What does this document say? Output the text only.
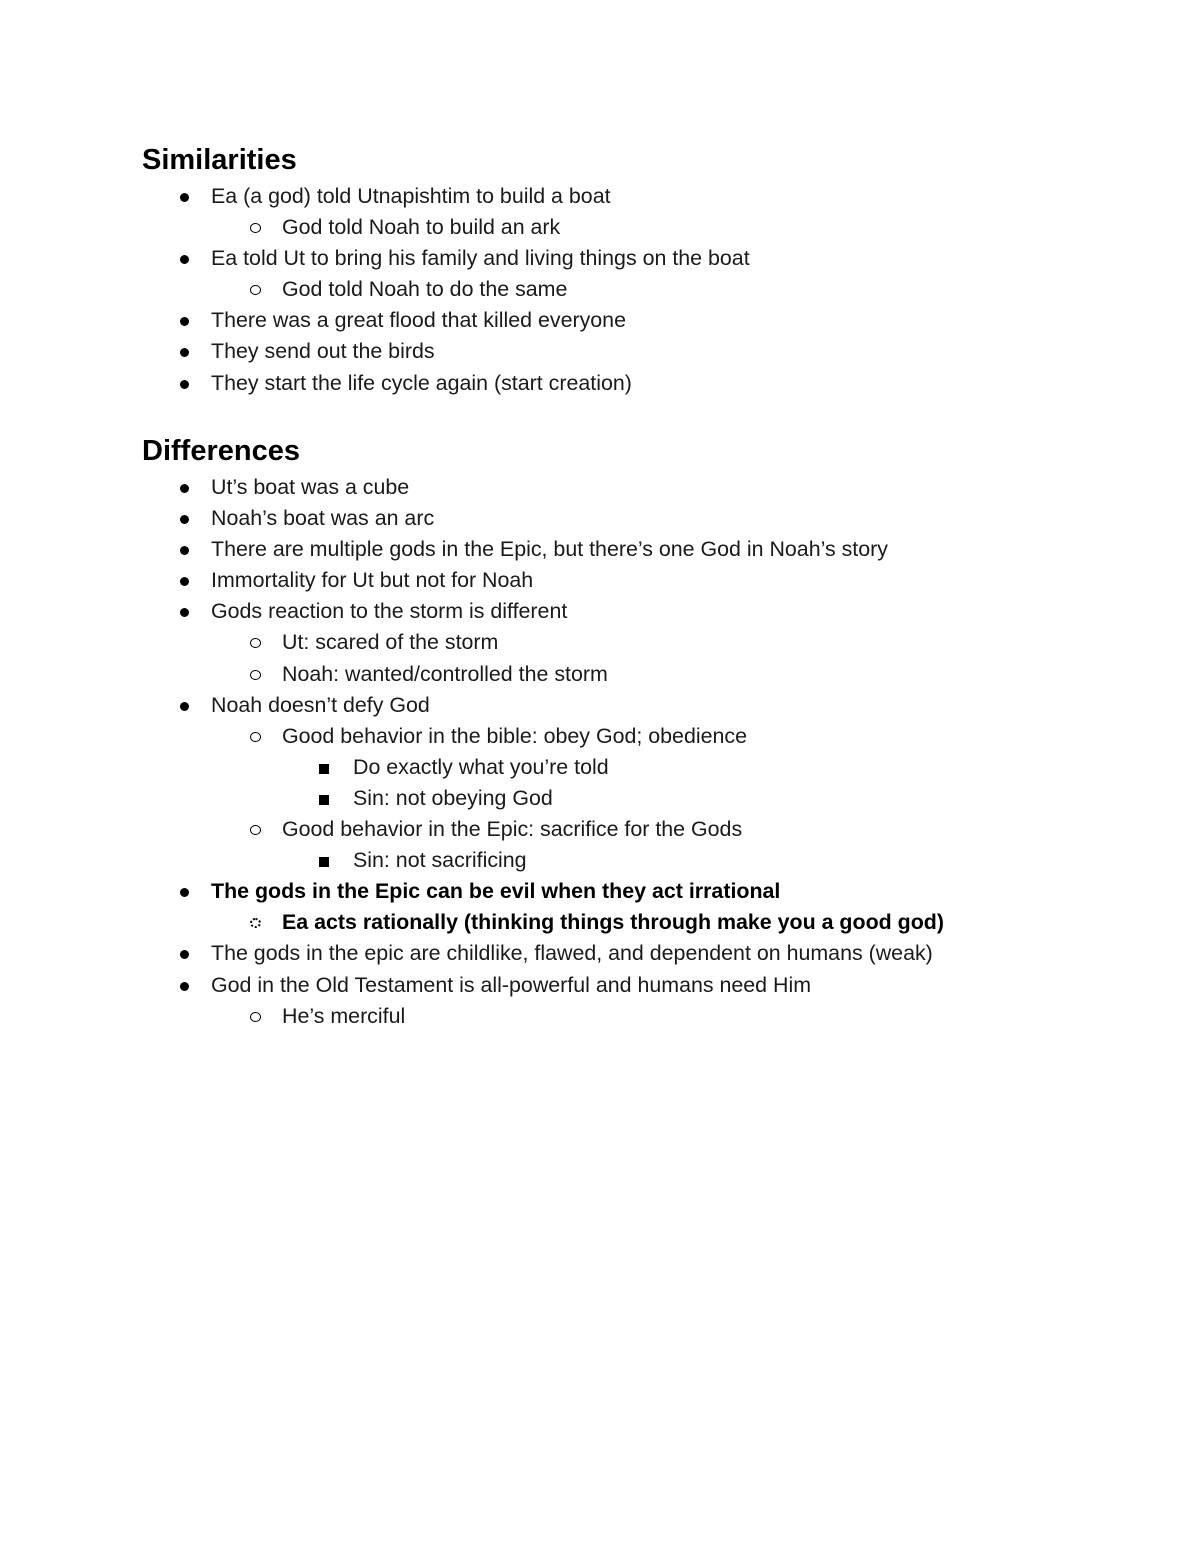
Similarities
Ea (a god) told Utnapishtim to build a boat
God told Noah to build an ark
Ea told Ut to bring his family and living things on the boat
God told Noah to do the same
There was a great flood that killed everyone
They send out the birds
They start the life cycle again (start creation)
Differences
Ut’s boat was a cube
Noah’s boat was an arc
There are multiple gods in the Epic, but there’s one God in Noah’s story
Immortality for Ut but not for Noah
Gods reaction to the storm is different
Ut: scared of the storm
Noah: wanted/controlled the storm
Noah doesn’t defy God
Good behavior in the bible: obey God; obedience
Do exactly what you’re told
Sin: not obeying God
Good behavior in the Epic: sacrifice for the Gods
Sin: not sacrificing
The gods in the Epic can be evil when they act irrational
Ea acts rationally (thinking things through make you a good god)
The gods in the epic are childlike, flawed, and dependent on humans (weak)
God in the Old Testament is all-powerful and humans need Him
He’s merciful
